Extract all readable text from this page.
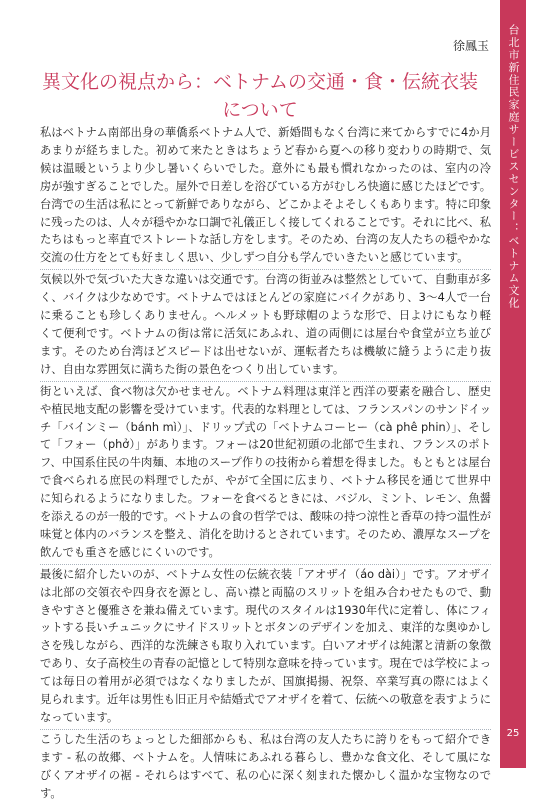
徐鳳玉
異文化の視点から：ベトナムの交通・食・伝統衣装について

私はベトナム南部出身の華僑系ベトナム人で、新婚間もなく台湾に来てからすでに4か月あまりが経ちました。初めて来たときはちょうど春から夏への移り変わりの時期で、気候は温暖というより少し暑いくらいでした。意外にも最も慣れなかったのは、室内の冷房が強すぎることでした。屋外で日差しを浴びている方がむしろ快適に感じたほどです。台湾での生活は私にとって新鮮でありながら、どこかよそよそしくもあります。特に印象に残ったのは、人々が穏やかな口調で礼儀正しく接してくれることです。それに比べ、私たちはもっと率直でストレートな話し方をします。そのため、台湾の友人たちの穏やかな交流の仕方をとても好ましく思い、少しずつ自分も学んでいきたいと感じています。

気候以外で気づいた大きな違いは交通です。台湾の街並みは整然としていて、自動車が多く、バイクは少なめです。ベトナムではほとんどの家庭にバイクがあり、3～4人で一台に乗ることも珍しくありません。ヘルメットも野球帽のような形で、日よけにもなり軽くて便利です。ベトナムの街は常に活気にあふれ、道の両側には屋台や食堂が立ち並びます。そのため台湾ほどスピードは出せないが、運転者たちは機敏に縫うように走り抜け、自由な雰囲気に満ちた街の景色をつくり出しています。

街といえば、食べ物は欠かせません。ベトナム料理は東洋と西洋の要素を融合し、歴史や植民地支配の影響を受けています。代表的な料理としては、フランスパンのサンドイッチ「バインミー（bánh mì）」、ドリップ式の「ベトナムコーヒー（cà phê phin）」、そして「フォー（phở）」があります。フォーは20世紀初頭の北部で生まれ、フランスのポトフ、中国系住民の牛肉麺、本地のスープ作りの技術から着想を得ました。もともとは屋台で食べられる庶民の料理でしたが、やがて全国に広まり、ベトナム移民を通じて世界中に知られるようになりました。フォーを食べるときには、バジル、ミント、レモン、魚醤を添えるのが一般的です。ベトナムの食の哲学では、酸味の持つ涼性と香草の持つ温性が味覚と体内のバランスを整え、消化を助けるとされています。そのため、濃厚なスープを飲んでも重さを感じにくいのです。

最後に紹介したいのが、ベトナム女性の伝統衣装「アオザイ（áo dài）」です。アオザイは北部の交領衣や四身衣を源とし、高い襟と両脇のスリットを組み合わせたもので、動きやすさと優雅さを兼ね備えています。現代のスタイルは1930年代に定着し、体にフィットする長いチュニックにサイドスリットとボタンのデザインを加え、東洋的な奥ゆかしさを残しながら、西洋的な洗練さも取り入れています。白いアオザイは純潔と清新の象徴であり、女子高校生の青春の記憶として特別な意味を持っています。現在では学校によっては毎日の着用が必須ではなくなりましたが、国旗掲揚、祝祭、卒業写真の際にはよく見られます。近年は男性も旧正月や結婚式でアオザイを着て、伝統への敬意を表すようになっています。

こうした生活のちょっとした細部からも、私は台湾の友人たちに誇りをもって紹介できます - 私の故郷、ベトナムを。人情味にあふれる暮らし、豊かな食文化、そして風になびくアオザイの裾 - それらはすべて、私の心に深く刻まれた懐かしく温かな宝物なのです。

台北市新住民家庭サービスセンター：ベトナム文化
25
